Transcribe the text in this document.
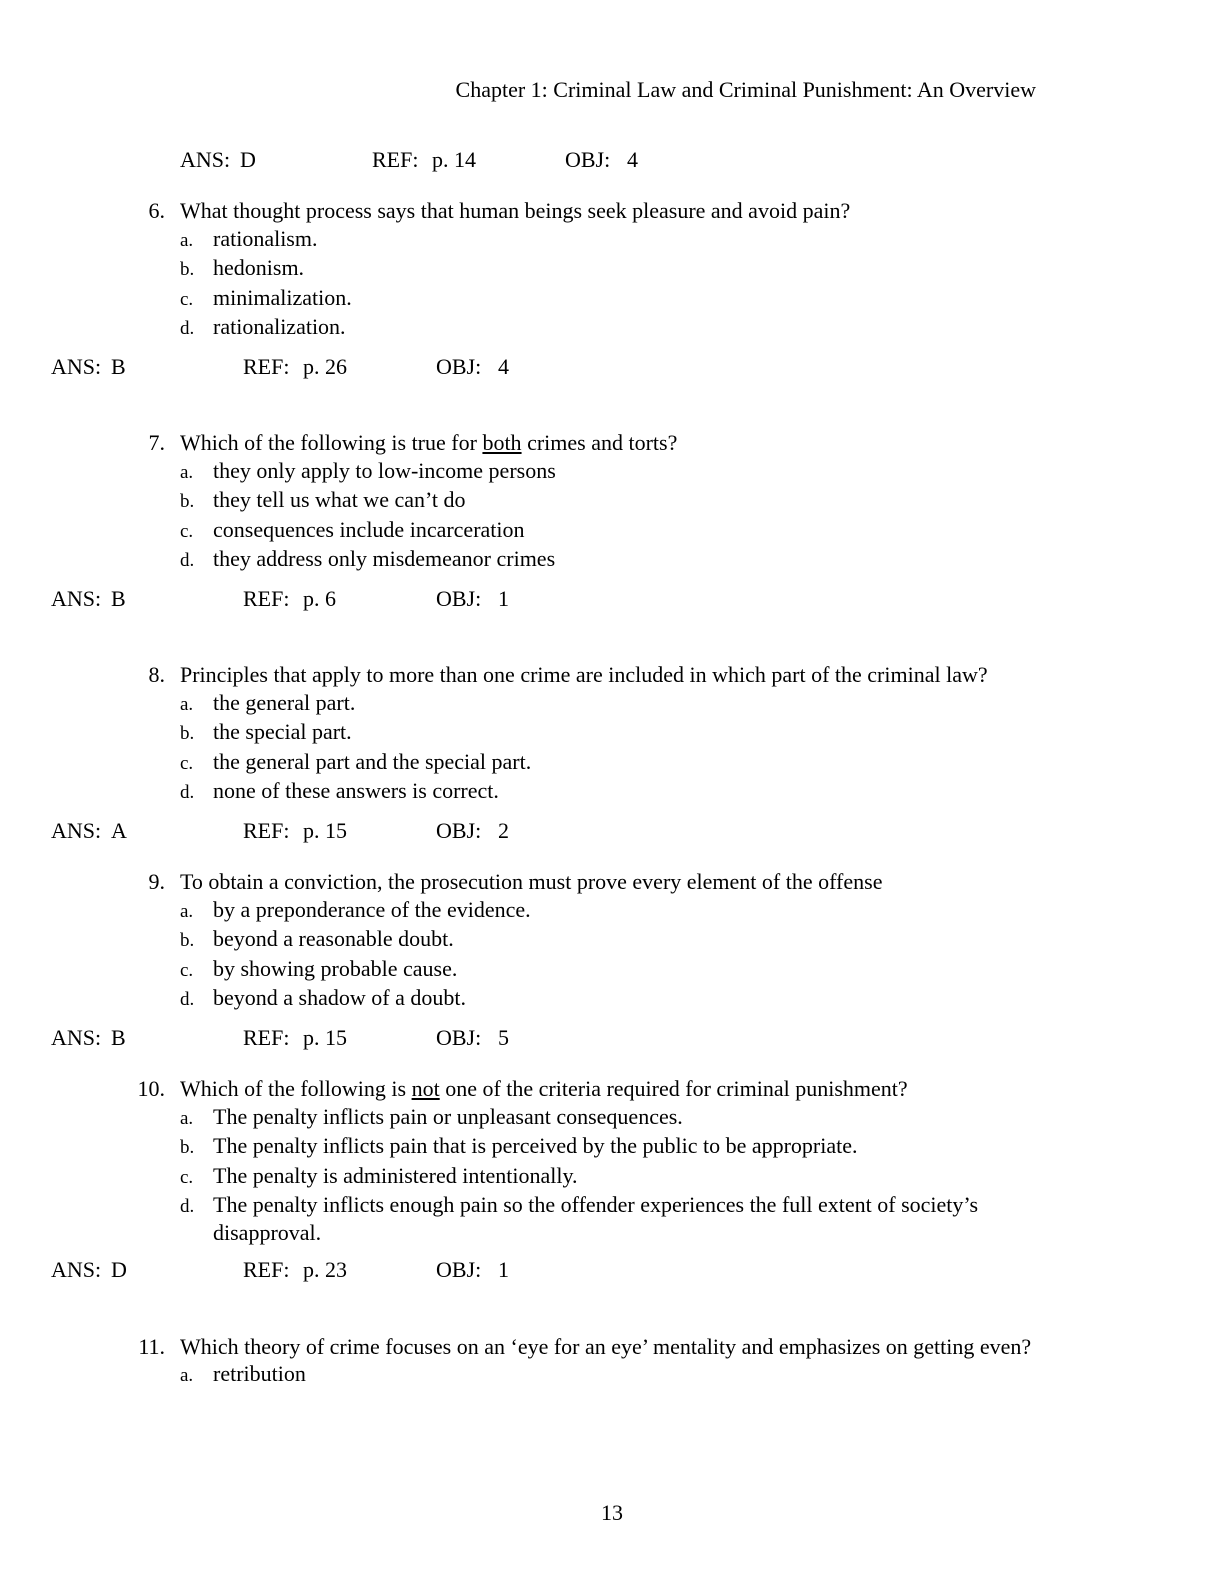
Chapter 1: Criminal Law and Criminal Punishment: An Overview
ANS: D	REF: p. 14	OBJ: 4
6. What thought process says that human beings seek pleasure and avoid pain?
a. rationalism.
b. hedonism.
c. minimalization.
d. rationalization.
ANS: B	REF: p. 26	OBJ: 4
7. Which of the following is true for both crimes and torts?
a. they only apply to low-income persons
b. they tell us what we can’t do
c. consequences include incarceration
d. they address only misdemeanor crimes
ANS: B	REF: p. 6	OBJ: 1
8. Principles that apply to more than one crime are included in which part of the criminal law?
a. the general part.
b. the special part.
c. the general part and the special part.
d. none of these answers is correct.
ANS: A	REF: p. 15	OBJ: 2
9. To obtain a conviction, the prosecution must prove every element of the offense
a. by a preponderance of the evidence.
b. beyond a reasonable doubt.
c. by showing probable cause.
d. beyond a shadow of a doubt.
ANS: B	REF: p. 15	OBJ: 5
10. Which of the following is not one of the criteria required for criminal punishment?
a. The penalty inflicts pain or unpleasant consequences.
b. The penalty inflicts pain that is perceived by the public to be appropriate.
c. The penalty is administered intentionally.
d. The penalty inflicts enough pain so the offender experiences the full extent of society’s disapproval.
ANS: D	REF: p. 23	OBJ: 1
11. Which theory of crime focuses on an ‘eye for an eye’ mentality and emphasizes on getting even?
a. retribution
13
